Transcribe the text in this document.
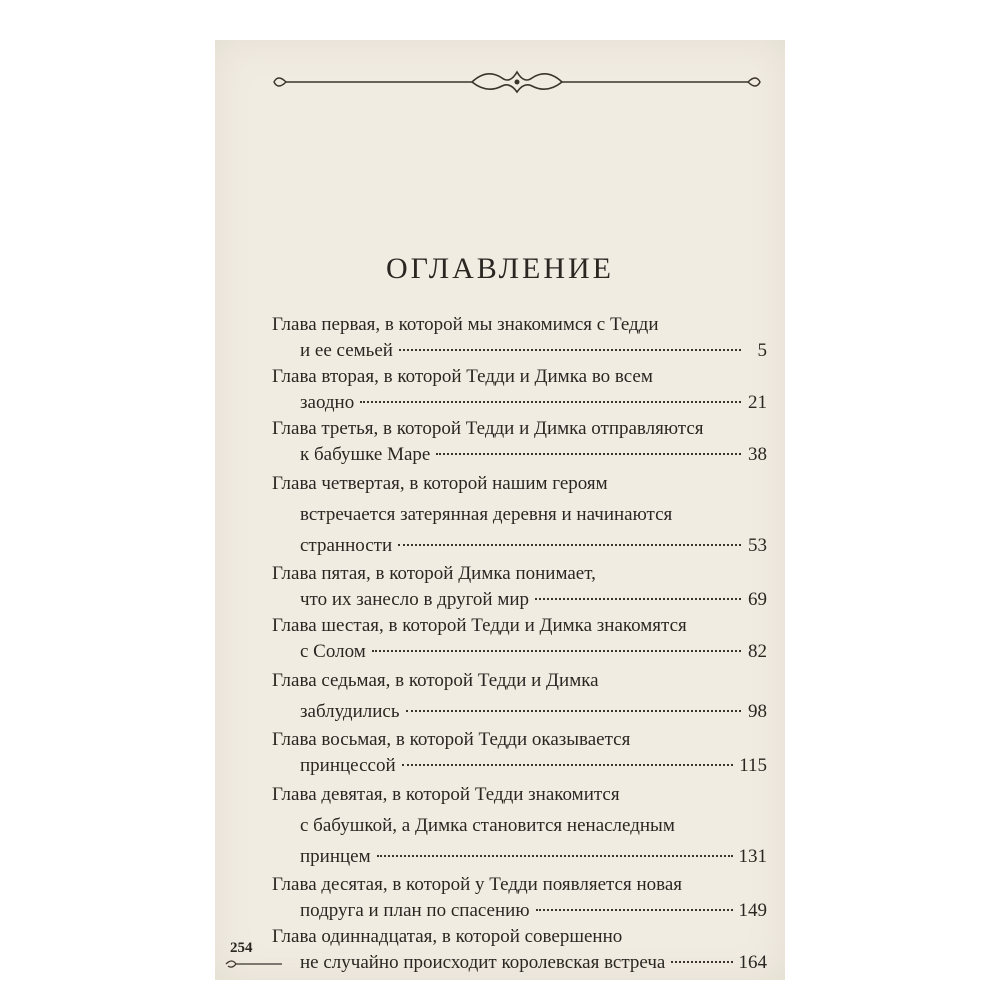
ОГЛАВЛЕНИЕ
Глава первая, в которой мы знакомимся с Тедди
и ее семьей	5
Глава вторая, в которой Тедди и Димка во всем
заодно	21
Глава третья, в которой Тедди и Димка отправляются
к бабушке Маре	38
Глава четвертая, в которой нашим героям
встречается затерянная деревня и начинаются
странности	53
Глава пятая, в которой Димка понимает,
что их занесло в другой мир	69
Глава шестая, в которой Тедди и Димка знакомятся
с Солом	82
Глава седьмая, в которой Тедди и Димка
заблудились	98
Глава восьмая, в которой Тедди оказывается
принцессой	115
Глава девятая, в которой Тедди знакомится
с бабушкой, а Димка становится ненаследным
принцем	131
Глава десятая, в которой у Тедди появляется новая
подруга и план по спасению	149
Глава одиннадцатая, в которой совершенно
не случайно происходит королевская встреча	164
254
